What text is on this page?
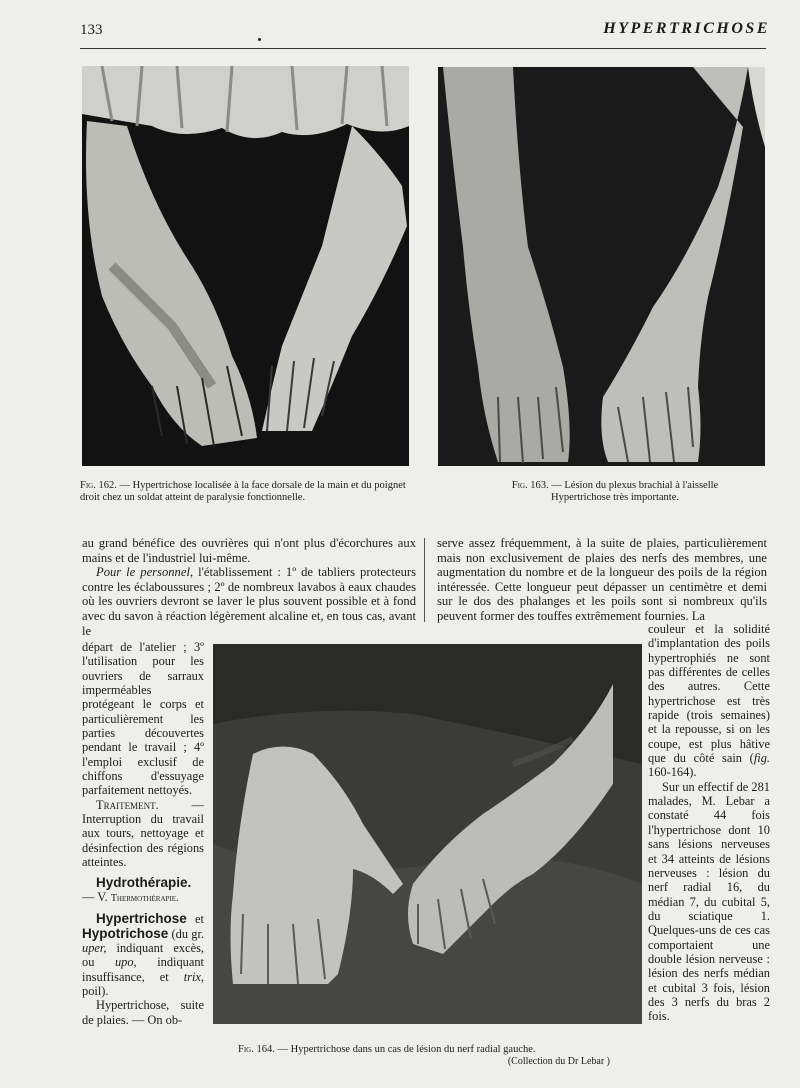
133	HYPERTRICHOSE
Fig. 162. — Hypertrichose localisée à la face dorsale de la main et du poignet droit chez un soldat atteint de paralysie fonctionnelle.
Fig. 163. — Lésion du plexus brachial à l'aisselle
Hypertrichose très importante.

au grand bénéfice des ouvrières qui n'ont plus d'écorchures aux mains et de l'industriel lui-même.

Pour le personnel, l'établissement : 1º de tabliers protecteurs contre les éclaboussures ; 2º de nombreux lavabos à eaux chaudes où les ouvriers devront se laver le plus souvent possible et à fond avec du savon à réaction légèrement alcaline et, en tous cas, avant le

serve assez fréquemment, à la suite de plaies, particulièrement mais non exclusivement de plaies des nerfs des membres, une augmentation du nombre et de la longueur des poils de la région intéressée. Cette longueur peut dépasser un centimètre et demi sur le dos des phalanges et les poils sont si nombreux qu'ils peuvent former des touffes extrêmement fournies. La

Fig. 164. — Hypertrichose dans un cas de lésion du nerf radial gauche.
(Collection du Dr Lebar )

départ de l'atelier ; 3º l'utilisation pour les ouvriers de sarraux imperméables protégeant le corps et particulièrement les parties découvertes pendant le travail ; 4º l'emploi exclusif de chiffons d'essuyage parfaitement nettoyés.

Traitement. — Interruption du travail aux tours, nettoyage et désinfection des régions atteintes.

Hydrothérapie. — V. Thermothérapie.

Hypertrichose et Hypotrichose (du gr. uper, indiquant excès, ou upo, indiquant insuffisance, et trix, poil).

Hypertrichose, suite de plaies. — On ob-

couleur et la solidité d'implantation des poils hypertrophiés ne sont pas différentes de celles des autres. Cette hypertrichose est très rapide (trois semaines) et la repousse, si on les coupe, est plus hâtive que du côté sain (fig. 160-164).

Sur un effectif de 281 malades, M. Lebar a constaté 44 fois l'hypertrichose dont 10 sans lésions nerveuses et 34 atteints de lésions nerveuses : lésion du nerf radial 16, du médian 7, du cubital 5, du sciatique 1. Quelques-uns de ces cas comportaient une double lésion nerveuse : lésion des nerfs médian et cubital 3 fois, lésion des 3 nerfs du bras 2 fois.
